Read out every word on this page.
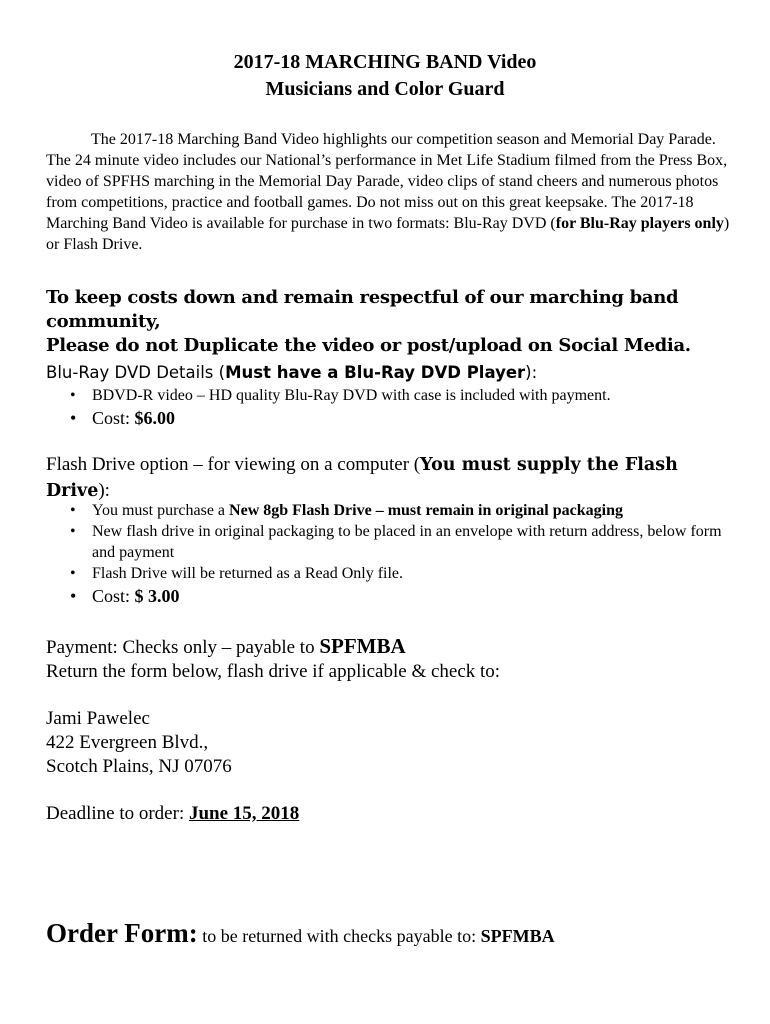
2017-18 MARCHING BAND Video
Musicians and Color Guard
The 2017-18 Marching Band Video highlights our competition season and Memorial Day Parade. The 24 minute video includes our National’s performance in Met Life Stadium filmed from the Press Box, video of SPFHS marching in the Memorial Day Parade, video clips of stand cheers and numerous photos from competitions, practice and football games. Do not miss out on this great keepsake. The 2017-18 Marching Band Video is available for purchase in two formats: Blu-Ray DVD (for Blu-Ray players only) or Flash Drive.
To keep costs down and remain respectful of our marching band community,
Please do not Duplicate the video or post/upload on Social Media.
Blu-Ray DVD Details (Must have a Blu-Ray DVD Player):
• BDVD-R video – HD quality Blu-Ray DVD with case is included with payment.
• Cost: $6.00
Flash Drive option – for viewing on a computer (You must supply the Flash Drive):
• You must purchase a New 8gb Flash Drive – must remain in original packaging
• New flash drive in original packaging to be placed in an envelope with return address, below form and payment
• Flash Drive will be returned as a Read Only file.
• Cost: $ 3.00
Payment: Checks only – payable to SPFMBA
Return the form below, flash drive if applicable & check to:
Jami Pawelec
422 Evergreen Blvd.,
Scotch Plains, NJ 07076
Deadline to order: June 15, 2018
Order Form: to be returned with checks payable to: SPFMBA
